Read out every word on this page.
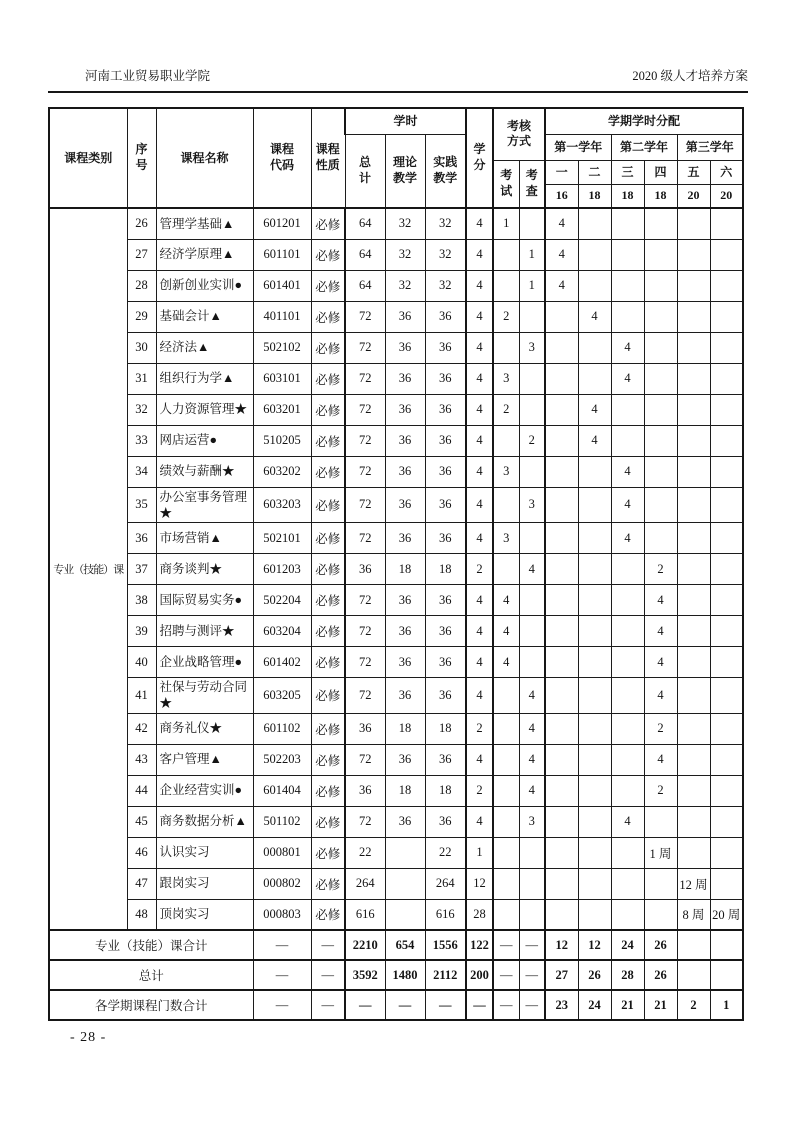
河南工业贸易职业学院	2020 级人才培养方案
课程类别	序号	课程名称	课程代码	课程性质	学时			学分	考核方式		学期学时分配					
					总计	理论教学	实践教学				第一学年		第二学年		第三学年	
									考试	考查	一	二	三	四	五	六
											16	18	18	18	20	20
专业（技能）课	26	管理学基础▲	601201	必修	64	32	32	4	1		4					
	27	经济学原理▲	601101	必修	64	32	32	4		1	4					
	28	创新创业实训●	601401	必修	64	32	32	4		1	4					
	29	基础会计▲	401101	必修	72	36	36	4	2			4				
	30	经济法▲	502102	必修	72	36	36	4		3			4			
	31	组织行为学▲	603101	必修	72	36	36	4	3				4			
	32	人力资源管理★	603201	必修	72	36	36	4	2			4				
	33	网店运营●	510205	必修	72	36	36	4		2		4				
	34	绩效与薪酬★	603202	必修	72	36	36	4	3				4			
	35	办公室事务管理★	603203	必修	72	36	36	4		3			4			
	36	市场营销▲	502101	必修	72	36	36	4	3				4			
	37	商务谈判★	601203	必修	36	18	18	2		4				2		
	38	国际贸易实务●	502204	必修	72	36	36	4	4					4		
	39	招聘与测评★	603204	必修	72	36	36	4	4					4		
	40	企业战略管理●	601402	必修	72	36	36	4	4					4		
	41	社保与劳动合同★	603205	必修	72	36	36	4		4				4		
	42	商务礼仪★	601102	必修	36	18	18	2		4				2		
	43	客户管理▲	502203	必修	72	36	36	4		4				4		
	44	企业经营实训●	601404	必修	36	18	18	2		4				2		
	45	商务数据分析▲	501102	必修	72	36	36	4		3			4			
	46	认识实习	000801	必修	22		22	1						1 周		
	47	跟岗实习	000802	必修	264		264	12							12 周	
	48	顶岗实习	000803	必修	616		616	28							8 周	20 周
专业（技能）课合计			—	—	2210	654	1556	122	—	—	12	12	24	26		
总计			—	—	3592	1480	2112	200	—	—	27	26	28	26		
各学期课程门数合计			—	—	—	—	—	—	—	—	23	24	21	21	2	1
- 28 -
